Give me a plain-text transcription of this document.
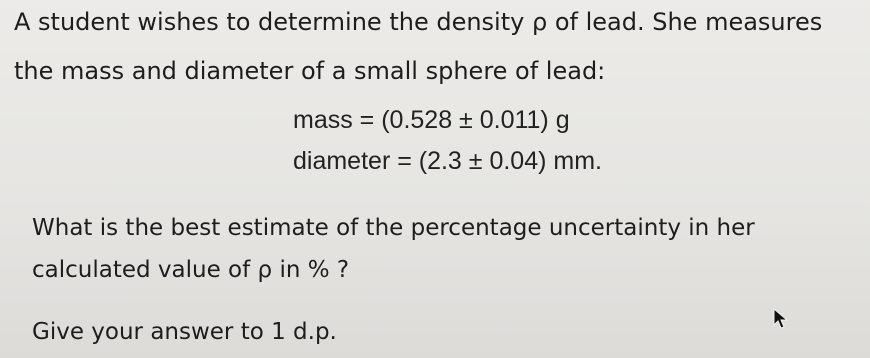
A student wishes to determine the density ρ of lead. She measures
the mass and diameter of a small sphere of lead:
mass = (0.528 ± 0.011) g
diameter = (2.3 ± 0.04) mm.
What is the best estimate of the percentage uncertainty in her
calculated value of ρ in % ?
Give your answer to 1 d.p.
